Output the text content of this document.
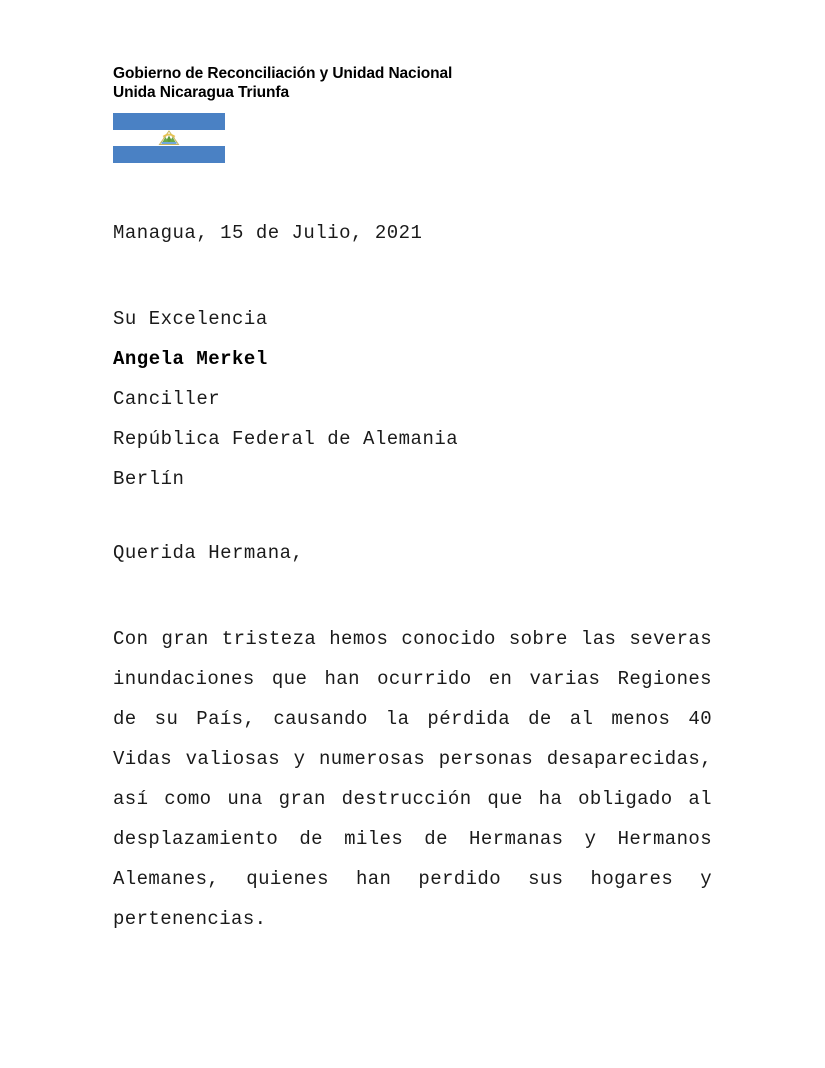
Gobierno de Reconciliación y Unidad Nacional
Unida Nicaragua Triunfa
Managua, 15 de Julio, 2021
Su Excelencia
Angela Merkel
Canciller
República Federal de Alemania
Berlín
Querida Hermana,
Con gran tristeza hemos conocido sobre las severas inundaciones que han ocurrido en varias Regiones de su País, causando la pérdida de al menos 40 Vidas valiosas y numerosas personas desaparecidas, así como una gran destrucción que ha obligado al desplazamiento de miles de Hermanas y Hermanos Alemanes, quienes han perdido sus hogares y pertenencias.
